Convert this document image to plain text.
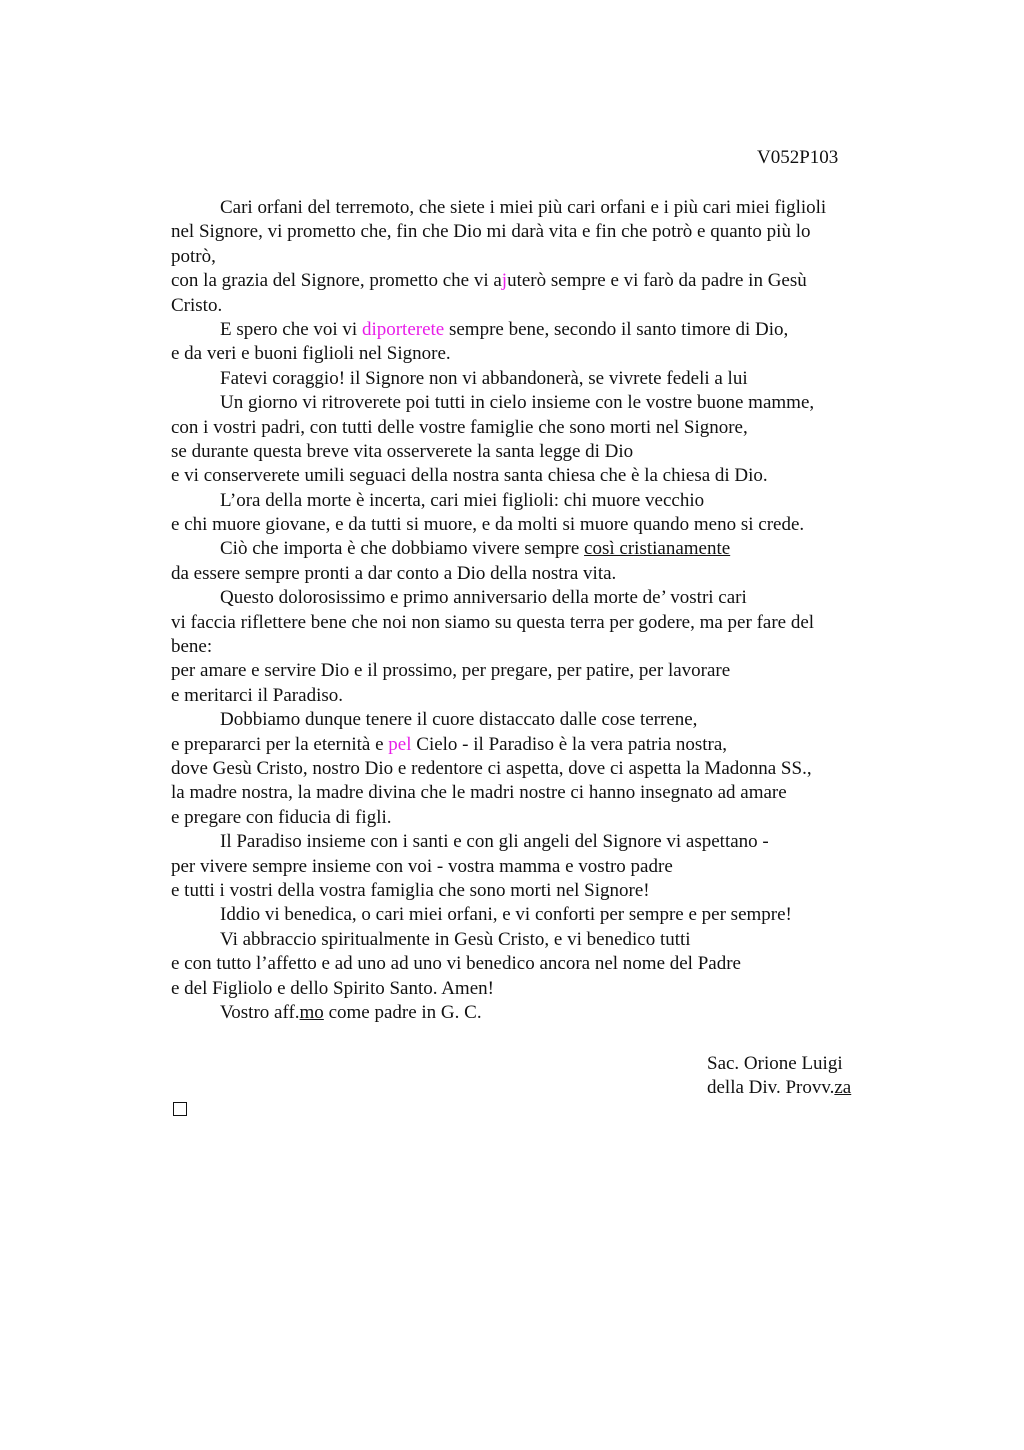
V052P103
Cari orfani del terremoto, che siete i miei più cari orfani e i più cari miei figlioli
nel Signore, vi prometto che, fin che Dio mi darà vita e fin che potrò e quanto più lo
potrò,
con la grazia del Signore, prometto che vi ajuterò sempre e vi farò da padre in Gesù
Cristo.
E spero che voi vi diporterete sempre bene, secondo il santo timore di Dio,
e da veri e buoni figlioli nel Signore.
Fatevi coraggio! il Signore non vi abbandonerà, se vivrete fedeli a lui
Un giorno vi ritroverete poi tutti in cielo insieme con le vostre buone mamme,
con i vostri padri, con tutti delle vostre famiglie che sono morti nel Signore,
se durante questa breve vita osserverete la santa legge di Dio
e vi conserverete umili seguaci della nostra santa chiesa che è la chiesa di Dio.
L’ora della morte è incerta, cari miei figlioli: chi muore vecchio
e chi muore giovane, e da tutti si muore, e da molti si muore quando meno si crede.
Ciò che importa è che dobbiamo vivere sempre così cristianamente
da essere sempre pronti a dar conto a Dio della nostra vita.
Questo dolorosissimo e primo anniversario della morte de’ vostri cari
vi faccia riflettere bene che noi non siamo su questa terra per godere, ma per fare del
bene:
per amare e servire Dio e il prossimo, per pregare, per patire, per lavorare
e meritarci il Paradiso.
Dobbiamo dunque tenere il cuore distaccato dalle cose terrene,
e prepararci per la eternità e pel Cielo - il Paradiso è la vera patria nostra,
dove Gesù Cristo, nostro Dio e redentore ci aspetta, dove ci aspetta la Madonna SS.,
la madre nostra, la madre divina che le madri nostre ci hanno insegnato ad amare
e pregare con fiducia di figli.
Il Paradiso insieme con i santi e con gli angeli del Signore vi aspettano -
per vivere sempre insieme con voi - vostra mamma e vostro padre
e tutti i vostri della vostra famiglia che sono morti nel Signore!
Iddio vi benedica, o cari miei orfani, e vi conforti per sempre e per sempre!
Vi abbraccio spiritualmente in Gesù Cristo, e vi benedico tutti
e con tutto l’affetto e ad uno ad uno vi benedico ancora nel nome del Padre
e del Figliolo e dello Spirito Santo. Amen!
Vostro aff.mo come padre in G. C.
Sac. Orione Luigi
della Div. Provv.za
